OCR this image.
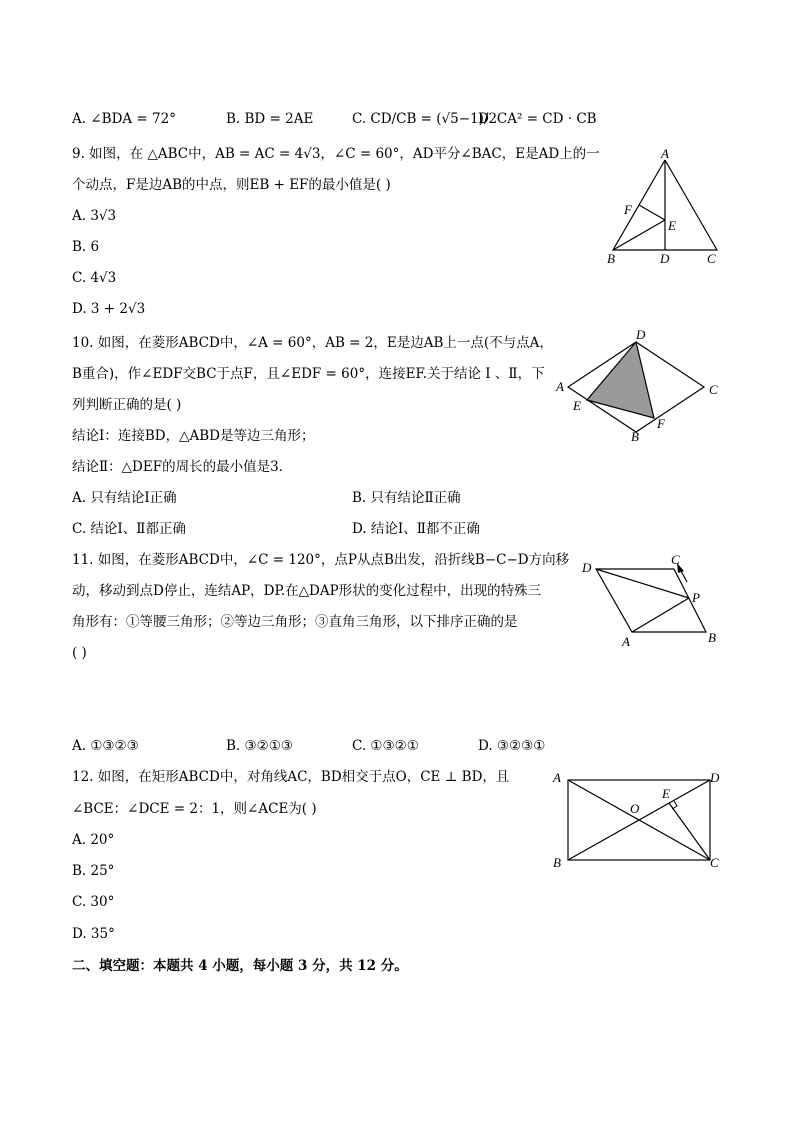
A. ∠BDA = 72°	B. BD = 2AE	C. CD/CB = (√5−1)/2
D. CA² = CD · CB
9. 如图，在 △ABC中，AB = AC = 4√3，∠C = 60°，AD平分∠BAC，E是AD上的一
个动点，F是边AB的中点，则EB + EF的最小值是( )
A. 3√3
B. 6
C. 4√3
D. 3 + 2√3
A
B	C
D
E
F
10. 如图，在菱形ABCD中，∠A = 60°，AB = 2，E是边AB上一点(不与点A，
B重合)，作∠EDF交BC于点F，且∠EDF = 60°，连接EF.关于结论 Ⅰ 、Ⅱ，下
列判断正确的是( )
结论Ⅰ：连接BD，△ABD是等边三角形；
结论Ⅱ：△DEF的周长的最小值是3．
A. 只有结论Ⅰ正确	B. 只有结论Ⅱ正确
C. 结论Ⅰ、Ⅱ都正确	D. 结论Ⅰ、Ⅱ都不正确
D
A	C
B
E
F
11. 如图，在菱形ABCD中，∠C = 120°，点P从点B出发，沿折线B−C−D方向移
动，移动到点D停止，连结AP，DP.在△DAP形状的变化过程中，出现的特殊三
角形有：①等腰三角形；②等边三角形；③直角三角形，以下排序正确的是
( )
A. ①③②③	B. ③②①③	C. ①③②①	D. ③②③①
D
C
P
A	B
12. 如图，在矩形ABCD中，对角线AC，BD相交于点O，CE ⊥ BD，且
∠BCE：∠DCE = 2：1，则∠ACE为( )
A. 20°
B. 25°
C. 30°
D. 35°
A	D
B	C
O
E
二、填空题：本题共 4 小题，每小题 3 分，共 12 分。
